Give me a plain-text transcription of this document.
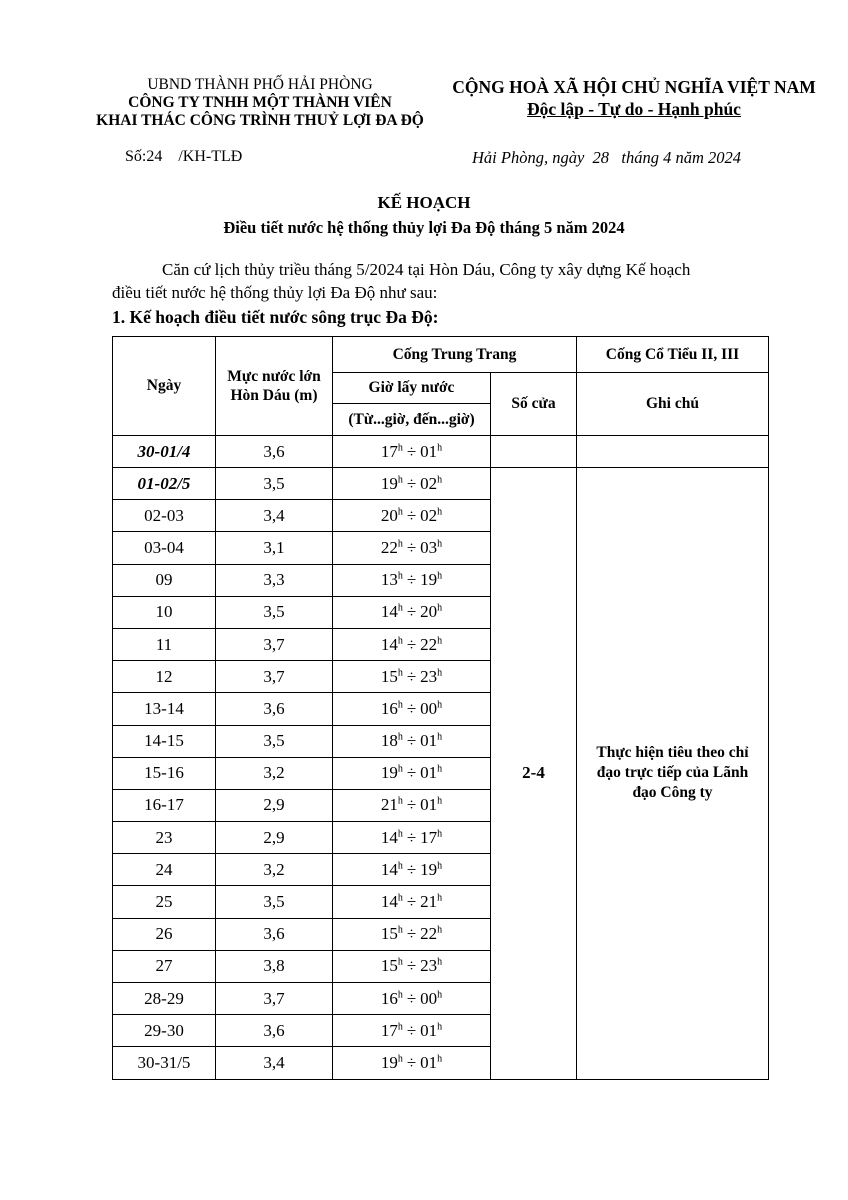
UBND THÀNH PHỐ HẢI PHÒNG
CÔNG TY TNHH MỘT THÀNH VIÊN
KHAI THÁC CÔNG TRÌNH THUỶ LỢI ĐA ĐỘ
CỘNG HOÀ XÃ HỘI CHỦ NGHĨA VIỆT NAM
Độc lập - Tự do - Hạnh phúc
Số:24    /KH-TLĐ	Hải Phòng, ngày  28   tháng 4 năm 2024
KẾ HOẠCH
Điều tiết nước hệ thống thủy lợi Đa Độ tháng 5 năm 2024

Căn cứ lịch thủy triều tháng 5/2024 tại Hòn Dáu, Công ty xây dựng Kế hoạch

điều tiết nước hệ thống thủy lợi Đa Độ như sau:

1. Kế hoạch điều tiết nước sông trục Đa Độ:
Ngày	Mực nước lớn Hòn Dáu (m)	Cống Trung Trang		Cống Cổ Tiểu II, III
		Giờ lấy nước	Số cửa	Ghi chú
		(Từ...giờ, đến...giờ)		
30-01/4	3,6	$17^h \div 01^h$		
01-02/5	3,5	$19^h \div 02^h$	2-4	Thực hiện tiêu theo chỉ đạo trực tiếp của Lãnh đạo Công ty
02-03	3,4	$20^h \div 02^h$
03-04	3,1	$22^h \div 03^h$
09	3,3	$13^h \div 19^h$
10	3,5	$14^h \div 20^h$
11	3,7	$14^h \div 22^h$
12	3,7	$15^h \div 23^h$
13-14	3,6	$16^h \div 00^h$
14-15	3,5	$18^h \div 01^h$
15-16	3,2	$19^h \div 01^h$
16-17	2,9	$21^h \div 01^h$
23	2,9	$14^h \div 17^h$
24	3,2	$14^h \div 19^h$
25	3,5	$14^h \div 21^h$
26	3,6	$15^h \div 22^h$
27	3,8	$15^h \div 23^h$
28-29	3,7	$16^h \div 00^h$
29-30	3,6	$17^h \div 01^h$
30-31/5	3,4	$19^h \div 01^h$
